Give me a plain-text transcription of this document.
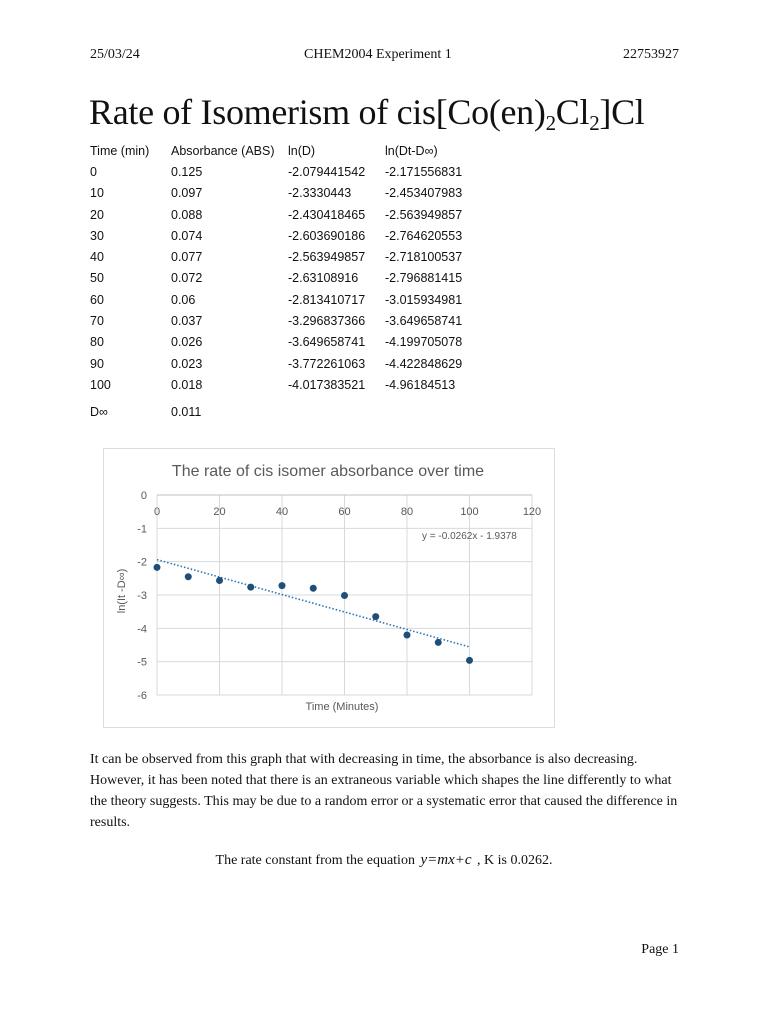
25/03/24	CHEM2004 Experiment 1	22753927
Rate of Isomerism of $cis[Co(en)_2Cl_2]Cl$
Time (min)	Absorbance (ABS)	ln(D)	ln(Dt-D∞)
0	0.125	-2.079441542	-2.171556831
10	0.097	-2.3330443	-2.453407983
20	0.088	-2.430418465	-2.563949857
30	0.074	-2.603690186	-2.764620553
40	0.077	-2.563949857	-2.718100537
50	0.072	-2.63108916	-2.796881415
60	0.06	-2.813410717	-3.015934981
70	0.037	-3.296837366	-3.649658741
80	0.026	-3.649658741	-4.199705078
90	0.023	-3.772261063	-4.422848629
100	0.018	-4.017383521	-4.96184513
D∞	0.011
0
-1
-2
-3
-4
-5
-6
0	20	40	60	80	100	120
The rate of cis isomer absorbance over time
Time (Minutes)
ln(It -D∞)
y = -0.0262x - 1.9378
It can be observed from this graph that with decreasing in time, the absorbance is also decreasing. However, it has been noted that there is an extraneous variable which shapes the line differently to what the theory suggests. This may be due to a random error or a systematic error that caused the difference in results.
The rate constant from the equation y=mx+c , K is 0.0262.
Page 1
